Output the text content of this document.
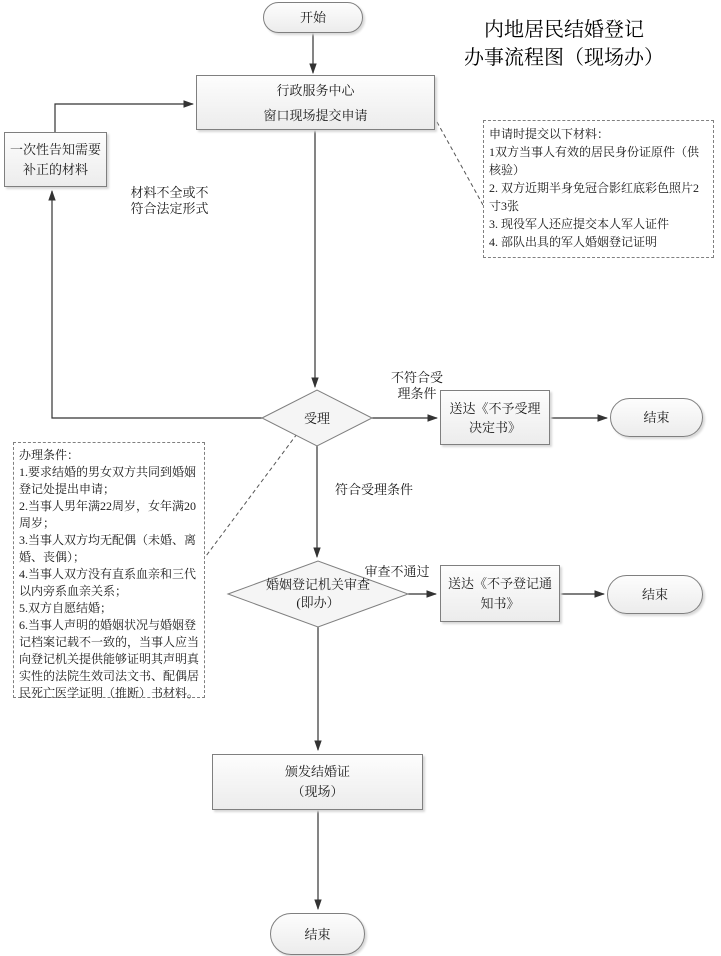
内地居民结婚登记
办事流程图（现场办）
开始
行政服务中心
窗口现场提交申请
一次性告知需要
补正的材料
材料不全或不
符合法定形式
申请时提交以下材料：
1双方当事人有效的居民身份证原件（供核验）
2. 双方近期半身免冠合影红底彩色照片2寸3张
3. 现役军人还应提交本人军人证件
4. 部队出具的军人婚姻登记证明
受理
不符合受
理条件
送达《不予受理
决定书》
结束
办理条件：
1.要求结婚的男女双方共同到婚姻登记处提出申请；
2.当事人男年满22周岁，女年满20周岁；
3.当事人双方均无配偶（未婚、离婚、丧偶）；
4.当事人双方没有直系血亲和三代以内旁系血亲关系；
5.双方自愿结婚；
6.当事人声明的婚姻状况与婚姻登记档案记载不一致的，当事人应当向登记机关提供能够证明其声明真实性的法院生效司法文书、配偶居民死亡医学证明（推断）书材料。
符合受理条件
婚姻登记机关审查
(即办）
审查不通过
送达《不予登记通
知书》
结束
颁发结婚证
（现场）
结束
